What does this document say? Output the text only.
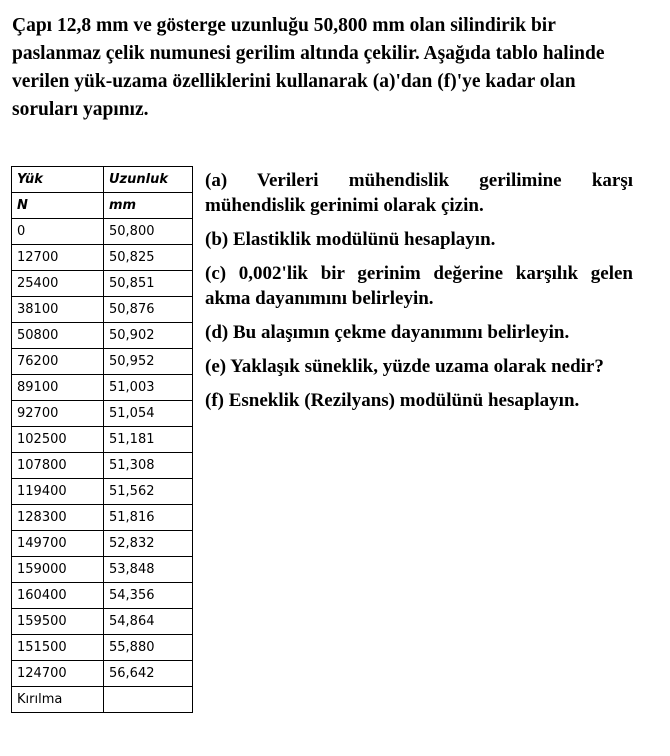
Çapı 12,8 mm ve gösterge uzunluğu 50,800 mm olan silindirik bir paslanmaz çelik numunesi gerilim altında çekilir. Aşağıda tablo halinde verilen yük-uzama özelliklerini kullanarak (a)'dan (f)'ye kadar olan soruları yapınız.
Yük	Uzunluk
N	mm
0	50,800
12700	50,825
25400	50,851
38100	50,876
50800	50,902
76200	50,952
89100	51,003
92700	51,054
102500	51,181
107800	51,308
119400	51,562
128300	51,816
149700	52,832
159000	53,848
160400	54,356
159500	54,864
151500	55,880
124700	56,642
Kırılma	

(a) Verileri mühendislik gerilimine karşı mühendislik gerinimi olarak çizin.

(b) Elastiklik modülünü hesaplayın.

(c) 0,002'lik bir gerinim değerine karşılık gelen akma dayanımını belirleyin.

(d) Bu alaşımın çekme dayanımını belirleyin.

(e) Yaklaşık süneklik, yüzde uzama olarak nedir?

(f) Esneklik (Rezilyans) modülünü hesaplayın.
